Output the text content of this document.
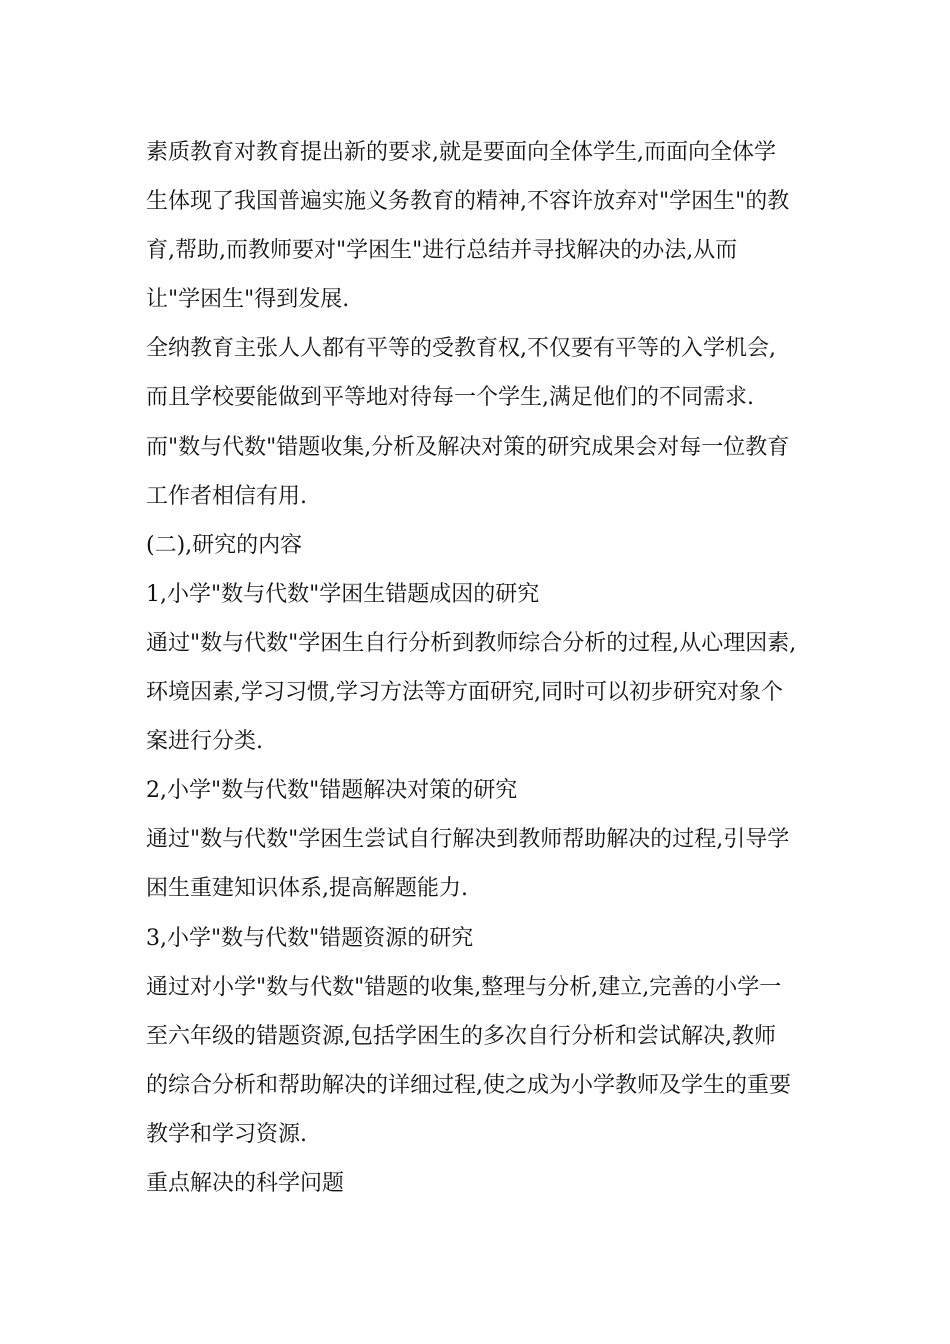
素质教育对教育提出新的要求,就是要面向全体学生,而面向全体学
生体现了我国普遍实施义务教育的精神,不容许放弃对"学困生"的教
育,帮助,而教师要对"学困生"进行总结并寻找解决的办法,从而
让"学困生"得到发展.
全纳教育主张人人都有平等的受教育权,不仅要有平等的入学机会,
而且学校要能做到平等地对待每一个学生,满足他们的不同需求.
而"数与代数"错题收集,分析及解决对策的研究成果会对每一位教育
工作者相信有用.
(二),研究的内容
1,小学"数与代数"学困生错题成因的研究
通过"数与代数"学困生自行分析到教师综合分析的过程,从心理因素,
环境因素,学习习惯,学习方法等方面研究,同时可以初步研究对象个
案进行分类.
2,小学"数与代数"错题解决对策的研究
通过"数与代数"学困生尝试自行解决到教师帮助解决的过程,引导学
困生重建知识体系,提高解题能力.
3,小学"数与代数"错题资源的研究
通过对小学"数与代数"错题的收集,整理与分析,建立,完善的小学一
至六年级的错题资源,包括学困生的多次自行分析和尝试解决,教师
的综合分析和帮助解决的详细过程,使之成为小学教师及学生的重要
教学和学习资源.
重点解决的科学问题
